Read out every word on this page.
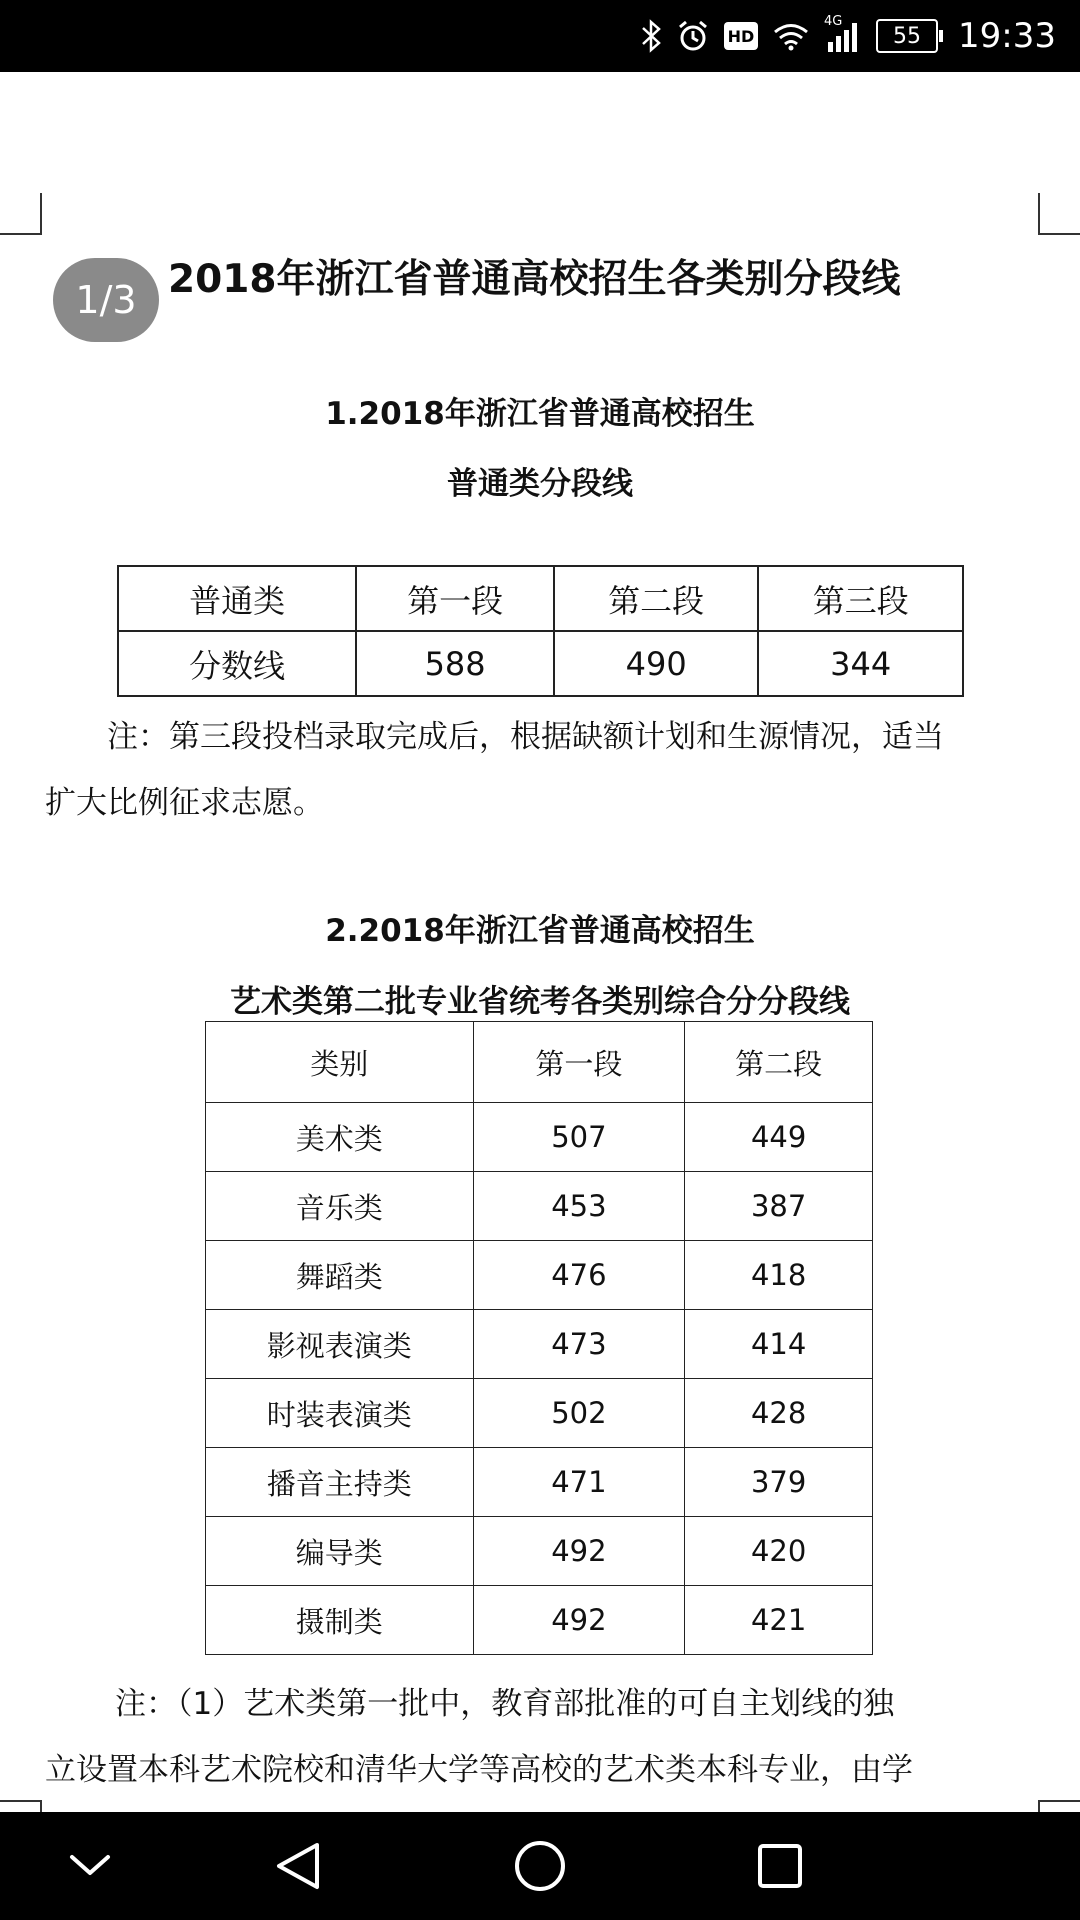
HD
4G
55 19:33
1/3 2018年浙江省普通高校招生各类别分段线
1.2018年浙江省普通高校招生
普通类分段线
普通类	第一段	第二段	第三段
分数线	588	490	344
注：第三段投档录取完成后，根据缺额计划和生源情况，适当
扩大比例征求志愿。
2.2018年浙江省普通高校招生
艺术类第二批专业省统考各类别综合分分段线
类别	第一段	第二段
美术类	507	449
音乐类	453	387
舞蹈类	476	418
影视表演类	473	414
时装表演类	502	428
播音主持类	471	379
编导类	492	420
摄制类	492	421
注：（1）艺术类第一批中，教育部批准的可自主划线的独
立设置本科艺术院校和清华大学等高校的艺术类本科专业，由学
